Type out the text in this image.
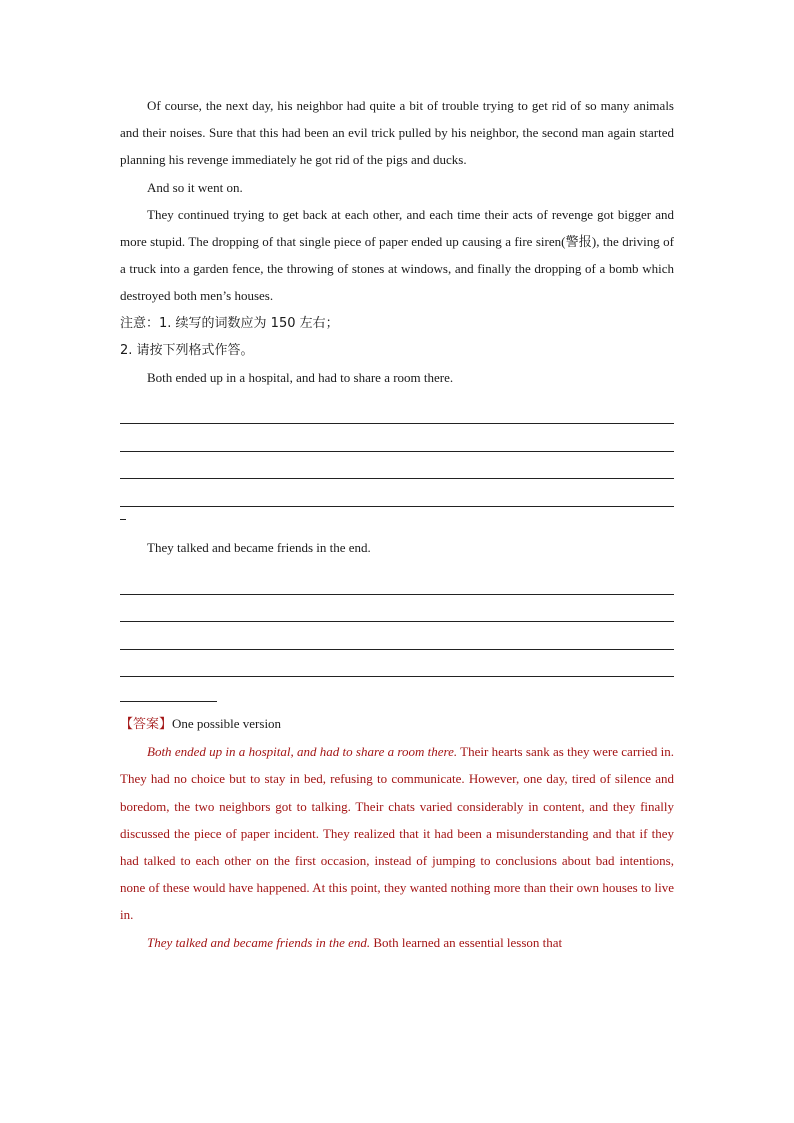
Of course, the next day, his neighbor had quite a bit of trouble trying to get rid of so many animals and their noises. Sure that this had been an evil trick pulled by his neighbor, the second man again started planning his revenge immediately he got rid of the pigs and ducks.

And so it went on.

They continued trying to get back at each other, and each time their acts of revenge got bigger and more stupid. The dropping of that single piece of paper ended up causing a fire siren(警报), the driving of a truck into a garden fence, the throwing of stones at windows, and finally the dropping of a bomb which destroyed both men’s houses.

注意：1. 续写的词数应为 150 左右；

2. 请按下列格式作答。

Both ended up in a hospital, and had to share a room there.

They talked and became friends in the end.

【答案】One possible version

Both ended up in a hospital, and had to share a room there. Their hearts sank as they were carried in. They had no choice but to stay in bed, refusing to communicate. However, one day, tired of silence and boredom, the two neighbors got to talking. Their chats varied considerably in content, and they finally discussed the piece of paper incident. They realized that it had been a misunderstanding and that if they had talked to each other on the first occasion, instead of jumping to conclusions about bad intentions, none of these would have happened. At this point, they wanted nothing more than their own houses to live in.

They talked and became friends in the end. Both learned an essential lesson that
